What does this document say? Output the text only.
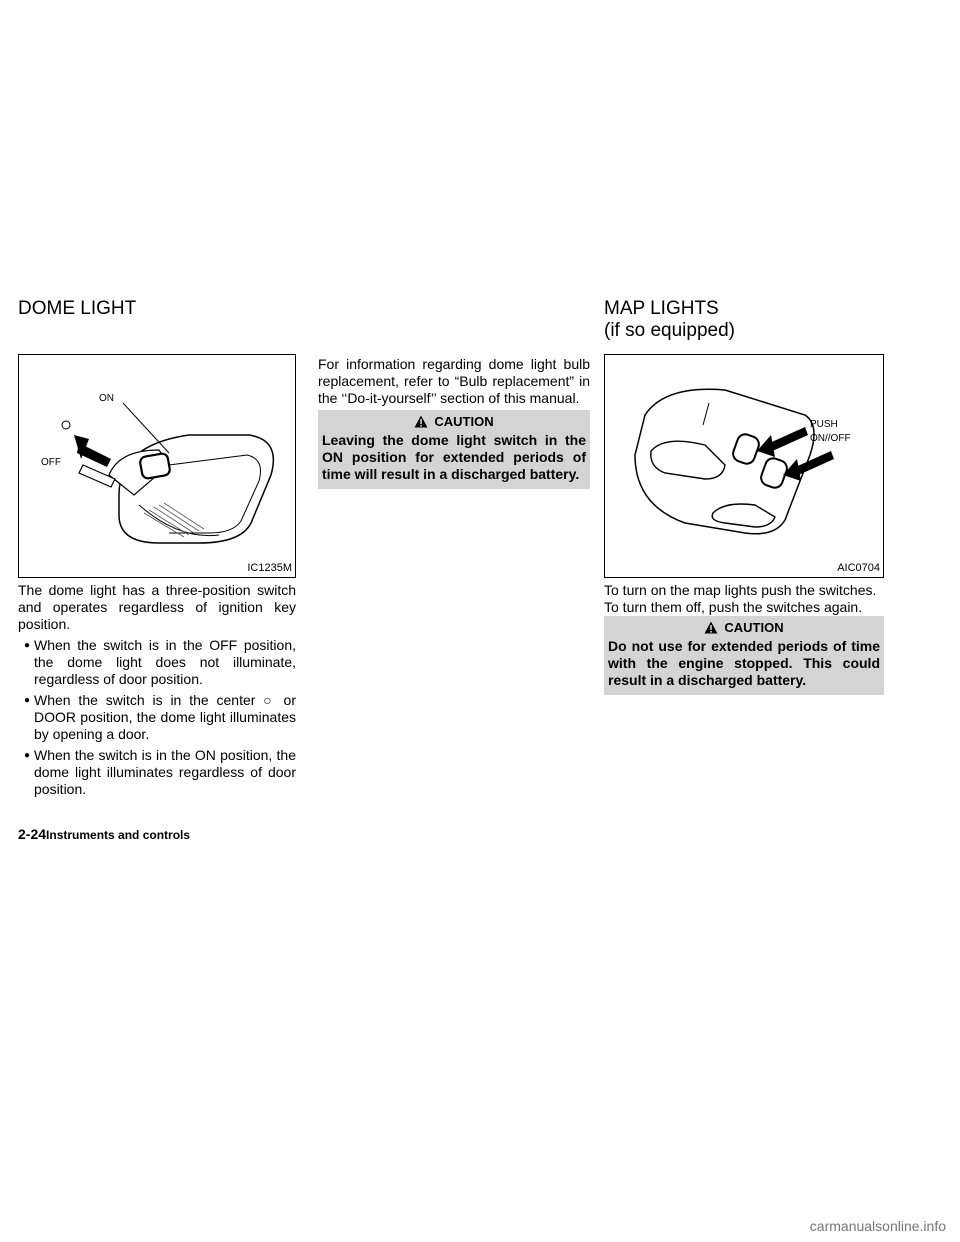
DOME LIGHT	MAP LIGHTS
(if so equipped)
ON
OFF
IC1235M

The dome light has a three-position switch and operates regardless of ignition key position.

● When the switch is in the OFF position, the dome light does not illuminate, regardless of door position.
● When the switch is in the center ○ or DOOR position, the dome light illuminates by opening a door.
● When the switch is in the ON position, the dome light illuminates regardless of door position.

For information regarding dome light bulb replacement, refer to “Bulb replacement” in the ‘‘Do-it-yourself’’ section of this manual.

CAUTION
Leaving the dome light switch in the ON position for extended periods of time will result in a discharged battery.
PUSH
ON//OFF
AIC0704

To turn on the map lights push the switches. To turn them off, push the switches again.

CAUTION
Do not use for extended periods of time with the engine stopped. This could result in a discharged battery.
2-24Instruments and controls
carmanualsonline.info
